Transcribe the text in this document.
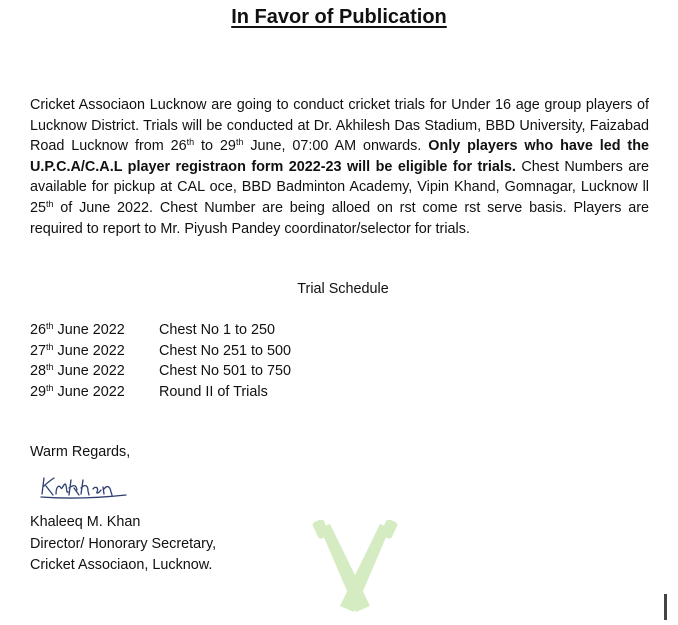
In Favor of Publication
Cricket Associaon Lucknow are going to conduct cricket trials for Under 16 age group players of Lucknow District. Trials will be conducted at Dr. Akhilesh Das Stadium, BBD University, Faizabad Road Lucknow from 26th to 29th June, 07:00 AM onwards. Only players who have led the U.P.C.A/C.A.L player registraon form 2022-23 will be eligible for trials. Chest Numbers are available for pickup at CAL oce, BBD Badminton Academy, Vipin Khand, Gomnagar, Lucknow ll 25th of June 2022. Chest Number are being alloed on rst come rst serve basis. Players are required to report to Mr. Piyush Pandey coordinator/selector for trials.
Trial Schedule
26th June 2022 Chest No 1 to 250
27th June 2022 Chest No 251 to 500
28th June 2022 Chest No 501 to 750
29th June 2022 Round II of Trials
Warm Regards,
Khaleeq M. Khan
Director/ Honorary Secretary,
Cricket Associaon, Lucknow.
